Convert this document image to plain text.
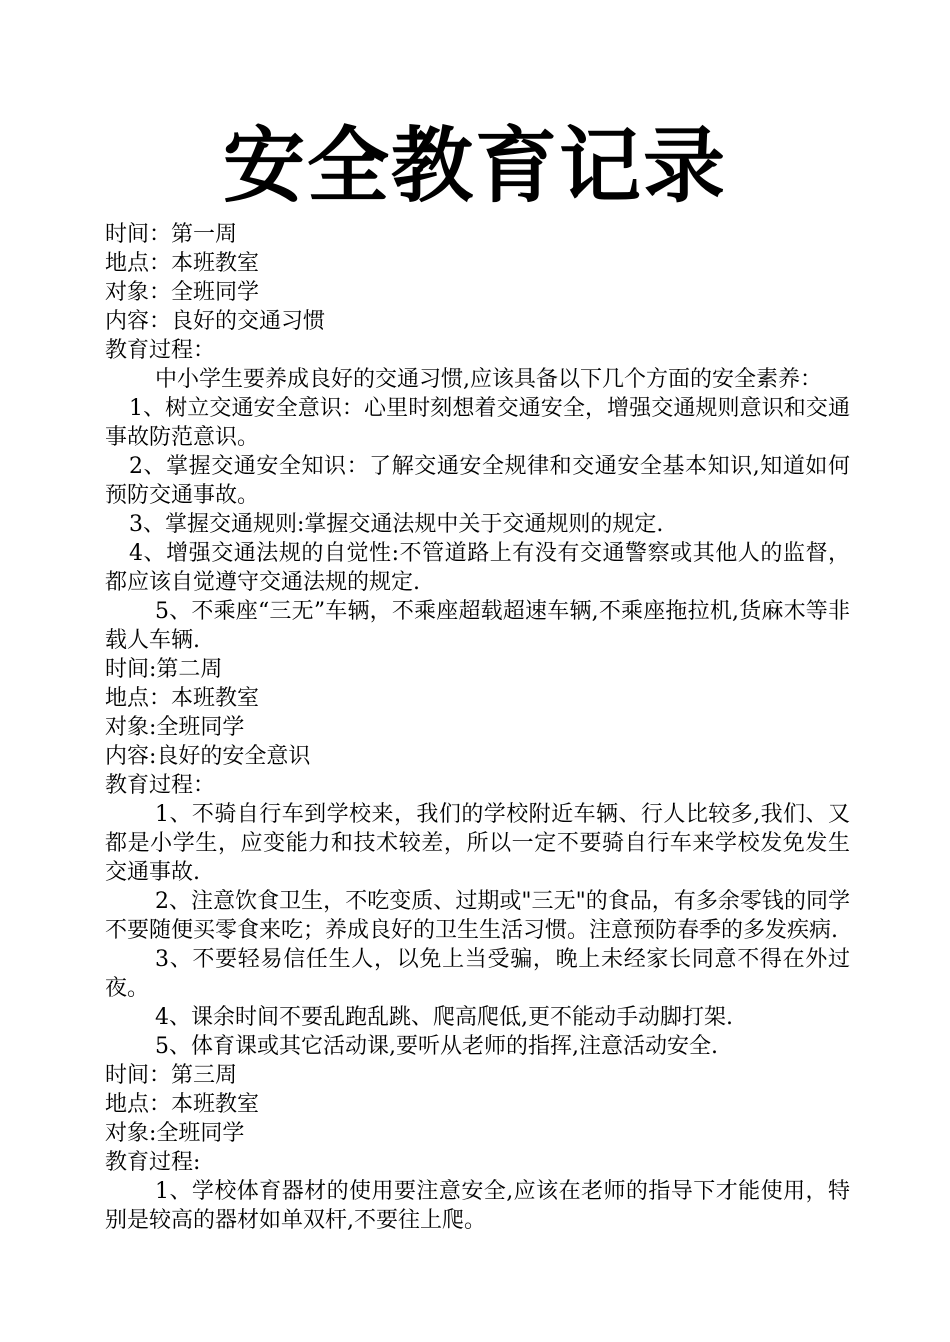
安全教育记录
时间：第一周
地点：本班教室
对象：全班同学
内容：良好的交通习惯
教育过程：
中小学生要养成良好的交通习惯,应该具备以下几个方面的安全素养：
1、树立交通安全意识：心里时刻想着交通安全，增强交通规则意识和交通事故防范意识。
2、掌握交通安全知识：了解交通安全规律和交通安全基本知识,知道如何预防交通事故。
3、掌握交通规则:掌握交通法规中关于交通规则的规定.
4、增强交通法规的自觉性:不管道路上有没有交通警察或其他人的监督，都应该自觉遵守交通法规的规定.
5、不乘座“三无”车辆，不乘座超载超速车辆,不乘座拖拉机,货麻木等非载人车辆.
时间:第二周
地点：本班教室
对象:全班同学
内容:良好的安全意识
教育过程：
1、不骑自行车到学校来，我们的学校附近车辆、行人比较多,我们、又都是小学生，应变能力和技术较差，所以一定不要骑自行车来学校发免发生交通事故.
2、注意饮食卫生，不吃变质、过期或"三无"的食品，有多余零钱的同学不要随便买零食来吃；养成良好的卫生生活习惯。注意预防春季的多发疾病.
3、不要轻易信任生人，以免上当受骗，晚上未经家长同意不得在外过夜。
4、课余时间不要乱跑乱跳、爬高爬低,更不能动手动脚打架.
5、体育课或其它活动课,要听从老师的指挥,注意活动安全.
时间：第三周
地点：本班教室
对象:全班同学
教育过程:
1、学校体育器材的使用要注意安全,应该在老师的指导下才能使用，特别是较高的器材如单双杆,不要往上爬。
